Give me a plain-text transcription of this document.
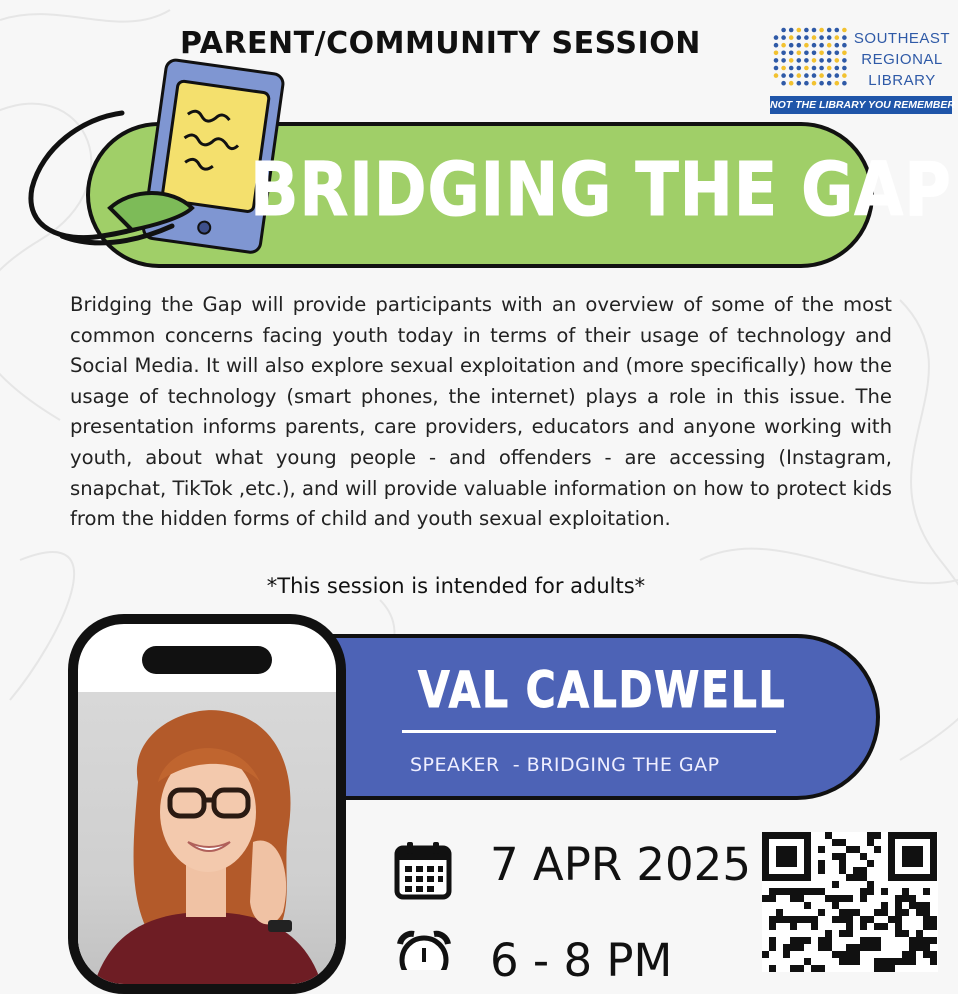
PARENT/COMMUNITY SESSION	SOUTHEAST
REGIONAL
LIBRARY
NOT THE LIBRARY YOU REMEMBER
BRIDGING THE GAP

Bridging the Gap will provide participants with an overview of some of the most common concerns facing youth today in terms of their usage of technology and Social Media. It will also explore sexual exploitation and (more specifically) how the usage of technology (smart phones, the internet) plays a role in this issue. The presentation informs parents, care providers, educators and anyone working with youth, about what young people - and offenders - are accessing (Instagram, snapchat, TikTok ,etc.), and will provide valuable information on how to protect kids from the hidden forms of child and youth sexual exploitation.

*This session is intended for adults*
VAL CALDWELL
SPEAKER  - BRIDGING THE GAP
7 APR 2025
6 - 8 PM
